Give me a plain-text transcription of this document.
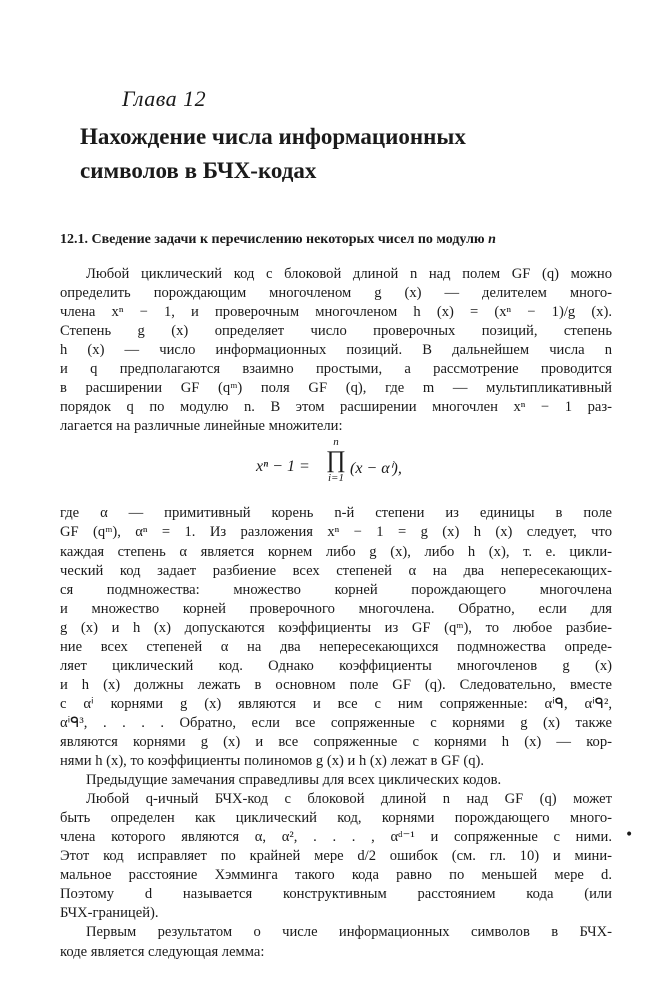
Глава 12
Нахождение числа информационных
символов в БЧХ-кодах
12.1. Сведение задачи к перечислению некоторых чисел по модулю n
Любой циклический код с блоковой длиной n над полем GF (q) можно
определить порождающим многочленом g (x) — делителем много-
члена xⁿ − 1, и проверочным многочленом h (x) = (xⁿ − 1)/g (x).
Степень g (x) определяет число проверочных позиций, степень
h (x) — число информационных позиций. В дальнейшем числа n
и q предполагаются взаимно простыми, а рассмотрение проводится
в расширении GF (qᵐ) поля GF (q), где m — мультипликативный
порядок q по модулю n. В этом расширении многочлен xⁿ − 1 раз-
лагается на различные линейные множители:
xⁿ − 1 =
n
∏
i=1
(x − αⁱ),
где α — примитивный корень n-й степени из единицы в поле
GF (qᵐ), αⁿ = 1. Из разложения xⁿ − 1 = g (x) h (x) следует, что
каждая степень α является корнем либо g (x), либо h (x), т. е. цикли-
ческий код задает разбиение всех степеней α на два непересекающих-
ся подмножества: множество корней порождающего многочлена
и множество корней проверочного многочлена. Обратно, если для
g (x) и h (x) допускаются коэффициенты из GF (qᵐ), то любое разбие-
ние всех степеней α на два непересекающихся подмножества опреде-
ляет циклический код. Однако коэффициенты многочленов g (x)
и h (x) должны лежать в основном поле GF (q). Следовательно, вместе
с αⁱ корнями g (x) являются и все с ним сопряженные: αⁱᑫ, αⁱᑫ²,
αⁱᑫ³, . . . . Обратно, если все сопряженные с корнями g (x) также
являются корнями g (x) и все сопряженные с корнями h (x) — кор-
нями h (x), то коэффициенты полиномов g (x) и h (x) лежат в GF (q).
Предыдущие замечания справедливы для всех циклических кодов.
Любой q-ичный БЧХ-код с блоковой длиной n над GF (q) может
быть определен как циклический код, корнями порождающего много-
члена которого являются α, α², . . . , αᵈ⁻¹ и сопряженные с ними.
Этот код исправляет по крайней мере d/2 ошибок (см. гл. 10) и мини-
мальное расстояние Хэмминга такого кода равно по меньшей мере d.
Поэтому d называется конструктивным расстоянием кода (или
БЧХ-границей).
Первым результатом о числе информационных символов в БЧХ-
коде является следующая лемма:
•
